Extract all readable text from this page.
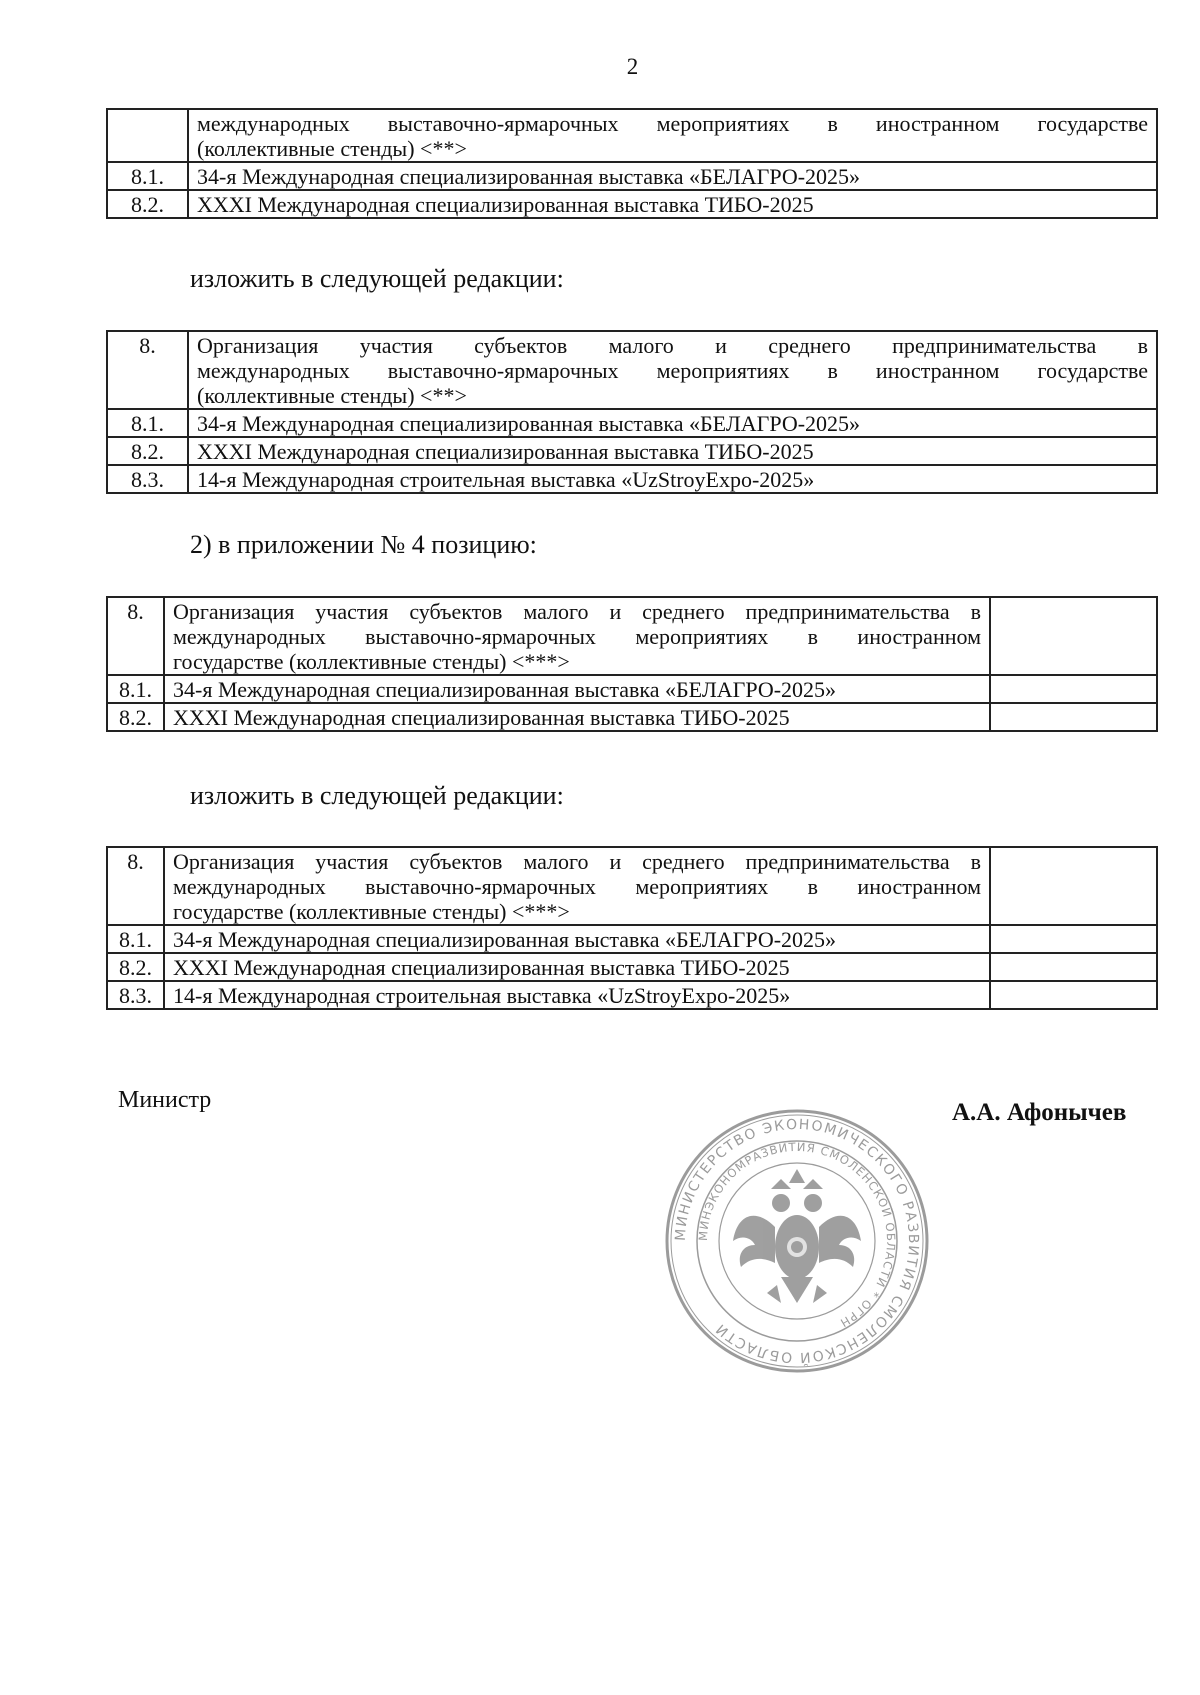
2

	международных выставочно-ярмарочных мероприятиях в иностранном государстве
(коллективные стенды) <**>

8.1.	34-я Международная специализированная выставка «БЕЛАГРО-2025»
8.2.	XXXI Международная специализированная выставка ТИБО-2025
изложить в следующей редакции:
8.	Организация участия субъектов малого и среднего предпринимательства в
международных выставочно-ярмарочных мероприятиях в иностранном государстве
(коллективные стенды) <**>

8.1.	34-я Международная специализированная выставка «БЕЛАГРО-2025»
8.2.	XXXI Международная специализированная выставка ТИБО-2025
8.3.	14-я Международная строительная выставка «UzStroyExpo-2025»
2) в приложении № 4 позицию:
8.	Организация участия субъектов малого и среднего предпринимательства в
международных выставочно-ярмарочных мероприятиях в иностранном
государстве (коллективные стенды) <***>	

8.1.	34-я Международная специализированная выставка «БЕЛАГРО-2025»	
8.2.	XXXI Международная специализированная выставка ТИБО-2025	
изложить в следующей редакции:
8.	Организация участия субъектов малого и среднего предпринимательства в
международных выставочно-ярмарочных мероприятиях в иностранном
государстве (коллективные стенды) <***>	

8.1.	34-я Международная специализированная выставка «БЕЛАГРО-2025»	
8.2.	XXXI Международная специализированная выставка ТИБО-2025	
8.3.	14-я Международная строительная выставка «UzStroyExpo-2025»	
Министр	А.А. Афонычев
МИНИСТЕРСТВО ЭКОНОМИЧЕСКОГО РАЗВИТИЯ СМОЛЕНСКОЙ ОБЛАСТИ
МИНЭКОНОМРАЗВИТИЯ СМОЛЕНСКОЙ ОБЛАСТИ * ОГРН
